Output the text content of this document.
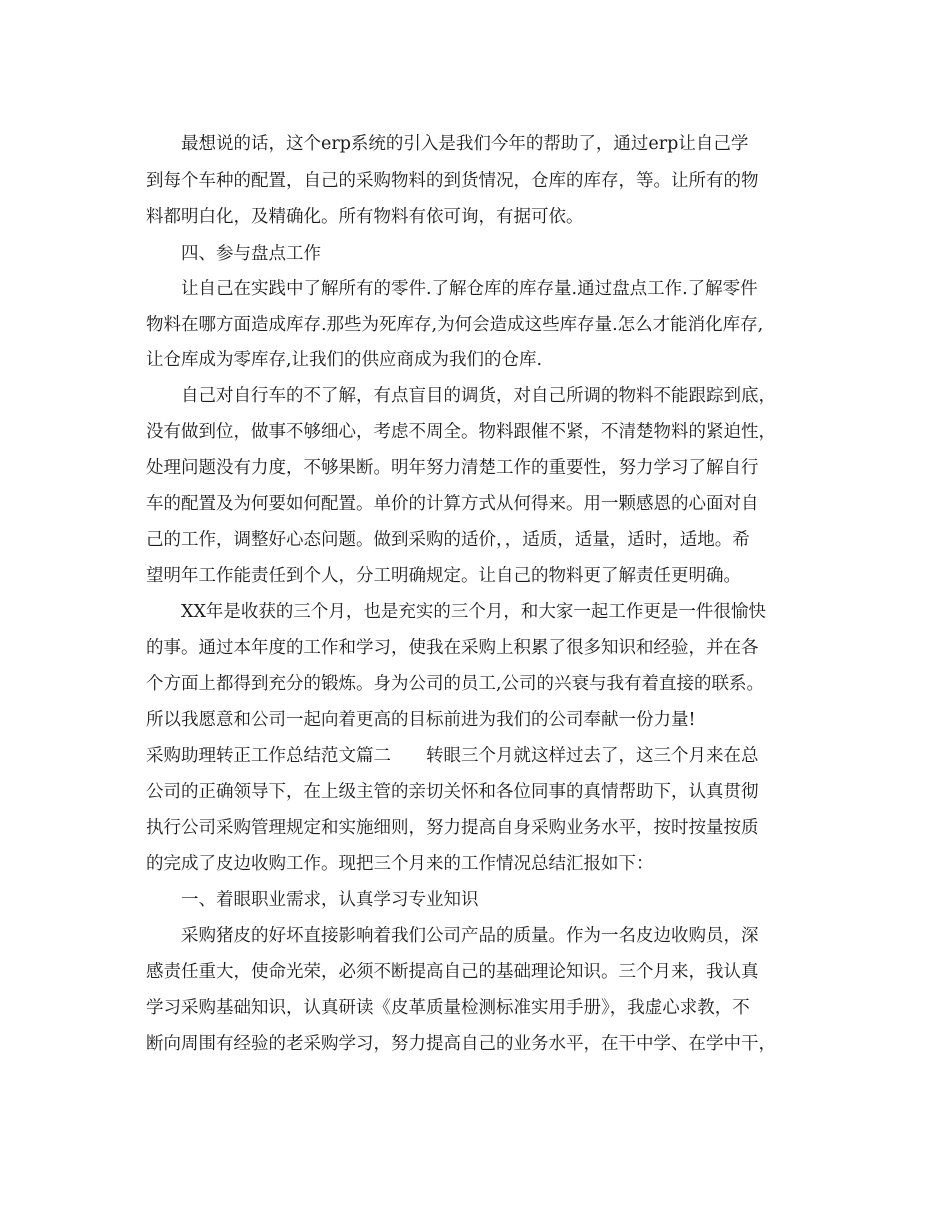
最想说的话，这个erp系统的引入是我们今年的帮助了，通过erp让自己学
到每个车种的配置，自己的采购物料的到货情况，仓库的库存，等。让所有的物
料都明白化，及精确化。所有物料有依可询，有据可依。
四、参与盘点工作
让自己在实践中了解所有的零件.了解仓库的库存量.通过盘点工作.了解零件
物料在哪方面造成库存.那些为死库存,为何会造成这些库存量.怎么才能消化库存,
让仓库成为零库存,让我们的供应商成为我们的仓库.
自己对自行车的不了解，有点盲目的调货，对自己所调的物料不能跟踪到底，
没有做到位，做事不够细心，考虑不周全。物料跟催不紧，不清楚物料的紧迫性，
处理问题没有力度，不够果断。明年努力清楚工作的重要性，努力学习了解自行
车的配置及为何要如何配置。单价的计算方式从何得来。用一颗感恩的心面对自
己的工作，调整好心态问题。做到采购的适价，，适质，适量，适时，适地。希
望明年工作能责任到个人，分工明确规定。让自己的物料更了解责任更明确。
XX年是收获的三个月，也是充实的三个月，和大家一起工作更是一件很愉快
的事。通过本年度的工作和学习，使我在采购上积累了很多知识和经验，并在各
个方面上都得到充分的锻炼。身为公司的员工,公司的兴衰与我有着直接的联系。
所以我愿意和公司一起向着更高的目标前进为我们的公司奉献一份力量!
采购助理转正工作总结范文篇二　　转眼三个月就这样过去了，这三个月来在总
公司的正确领导下，在上级主管的亲切关怀和各位同事的真情帮助下，认真贯彻
执行公司采购管理规定和实施细则，努力提高自身采购业务水平，按时按量按质
的完成了皮边收购工作。现把三个月来的工作情况总结汇报如下：
一、着眼职业需求，认真学习专业知识
采购猪皮的好坏直接影响着我们公司产品的质量。作为一名皮边收购员，深
感责任重大，使命光荣，必须不断提高自己的基础理论知识。三个月来，我认真
学习采购基础知识，认真研读《皮革质量检测标准实用手册》，我虚心求教，不
断向周围有经验的老采购学习，努力提高自己的业务水平，在干中学、在学中干，
